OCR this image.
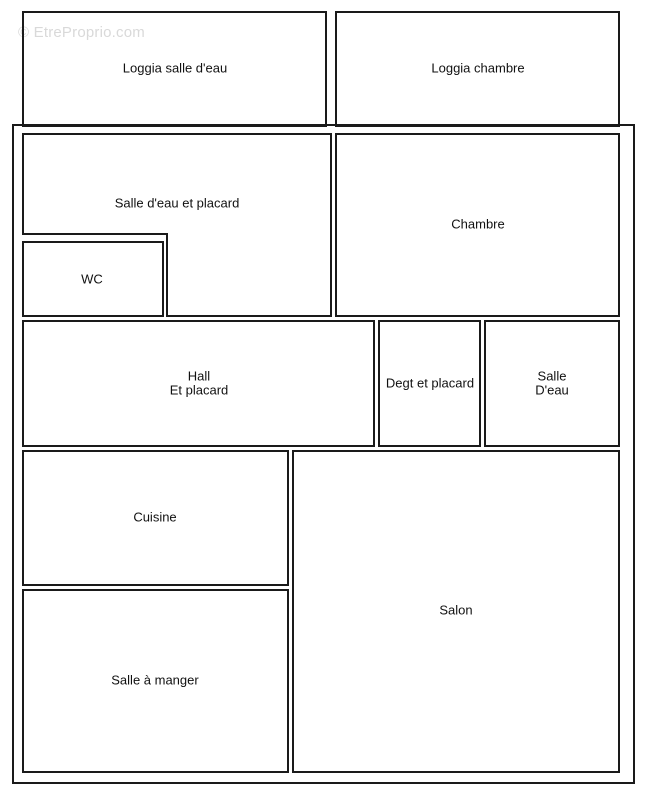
© EtreProprio.com
Loggia salle d'eau	Loggia chambre
Salle d'eau et placard
Chambre
WC
Hall
Et placard	Degt et placard	Salle
D'eau
Cuisine
Salon
Salle à manger
